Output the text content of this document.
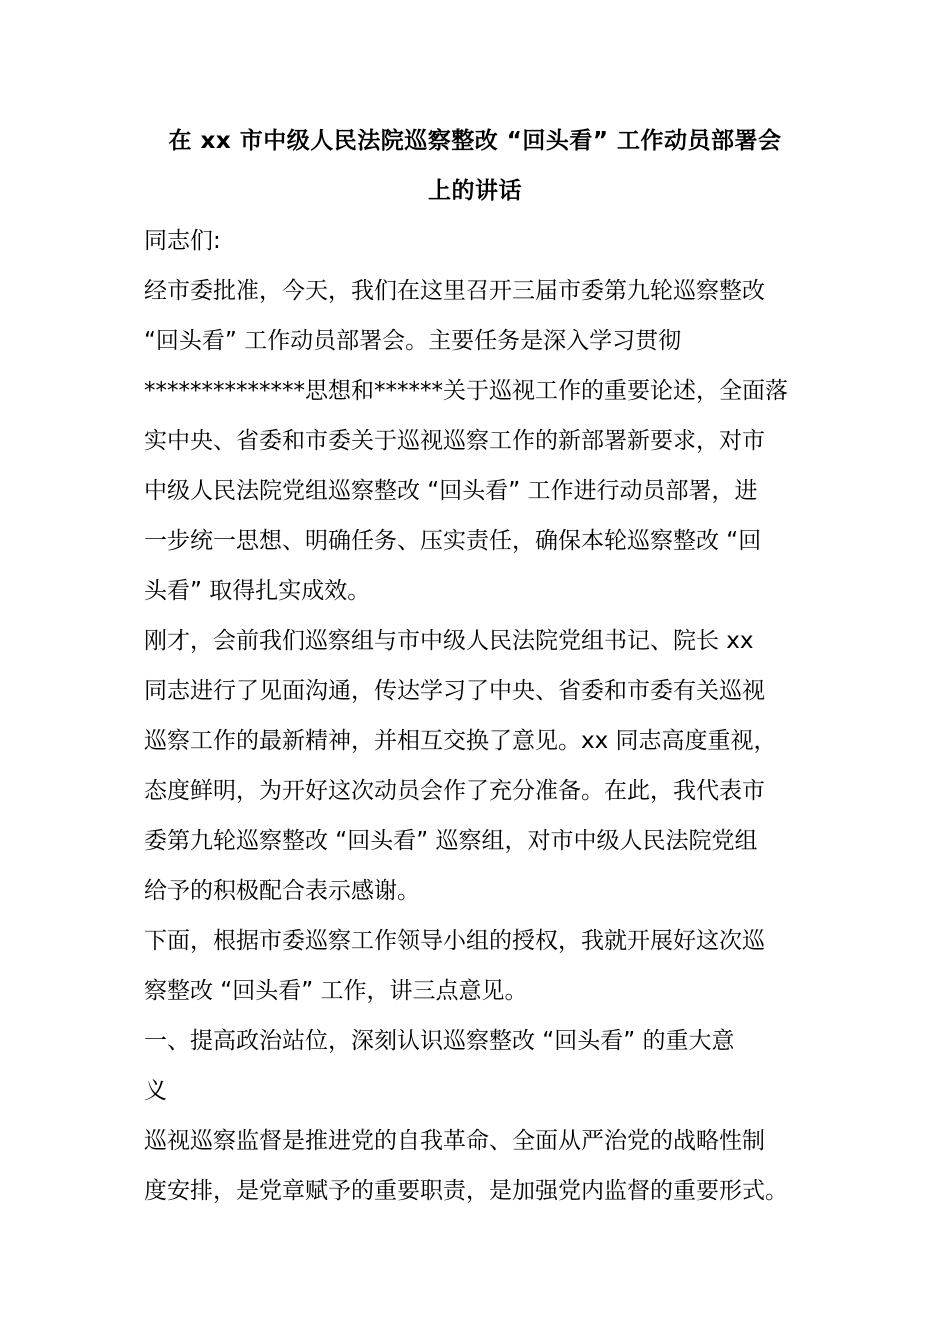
在 xx 市中级人民法院巡察整改 “回头看” 工作动员部署会
上的讲话
同志们:
经市委批准，今天，我们在这里召开三届市委第九轮巡察整改
“回头看” 工作动员部署会。主要任务是深入学习贯彻
**************思想和******关于巡视工作的重要论述，全面落
实中央、省委和市委关于巡视巡察工作的新部署新要求，对市
中级人民法院党组巡察整改 “回头看” 工作进行动员部署，进
一步统一思想、明确任务、压实责任，确保本轮巡察整改 “回
头看” 取得扎实成效。
刚才，会前我们巡察组与市中级人民法院党组书记、院长 xx
同志进行了见面沟通，传达学习了中央、省委和市委有关巡视
巡察工作的最新精神，并相互交换了意见。xx 同志高度重视，
态度鲜明，为开好这次动员会作了充分准备。在此，我代表市
委第九轮巡察整改 “回头看” 巡察组，对市中级人民法院党组
给予的积极配合表示感谢。
下面，根据市委巡察工作领导小组的授权，我就开展好这次巡
察整改 “回头看” 工作，讲三点意见。
一、提高政治站位，深刻认识巡察整改 “回头看” 的重大意
义
巡视巡察监督是推进党的自我革命、全面从严治党的战略性制
度安排，是党章赋予的重要职责，是加强党内监督的重要形式。
